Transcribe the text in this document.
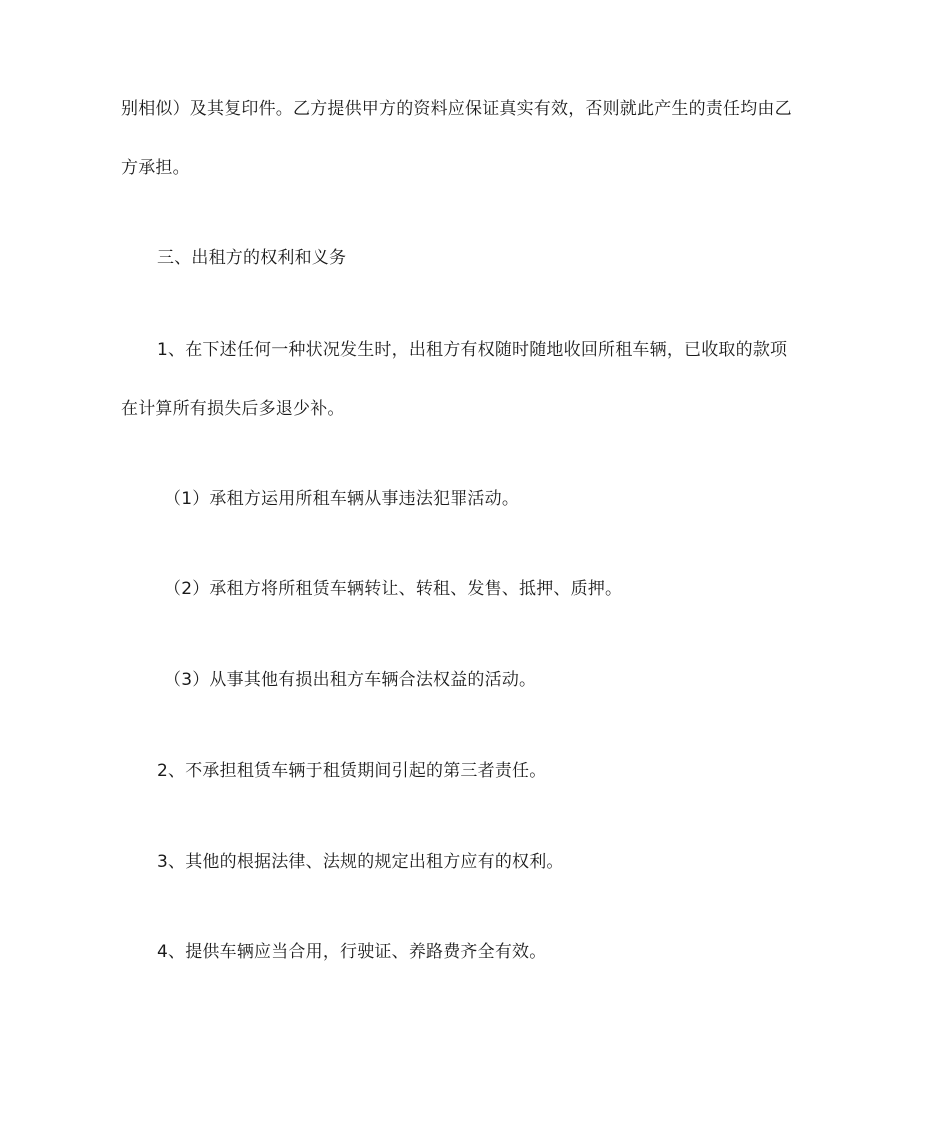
别相似）及其复印件。乙方提供甲方的资料应保证真实有效，否则就此产生的责任均由乙
方承担。
三、出租方的权利和义务
1、在下述任何一种状况发生时，出租方有权随时随地收回所租车辆，已收取的款项
在计算所有损失后多退少补。
（1）承租方运用所租车辆从事违法犯罪活动。
（2）承租方将所租赁车辆转让、转租、发售、抵押、质押。
（3）从事其他有损出租方车辆合法权益的活动。
2、不承担租赁车辆于租赁期间引起的第三者责任。
3、其他的根据法律、法规的规定出租方应有的权利。
4、提供车辆应当合用，行驶证、养路费齐全有效。
